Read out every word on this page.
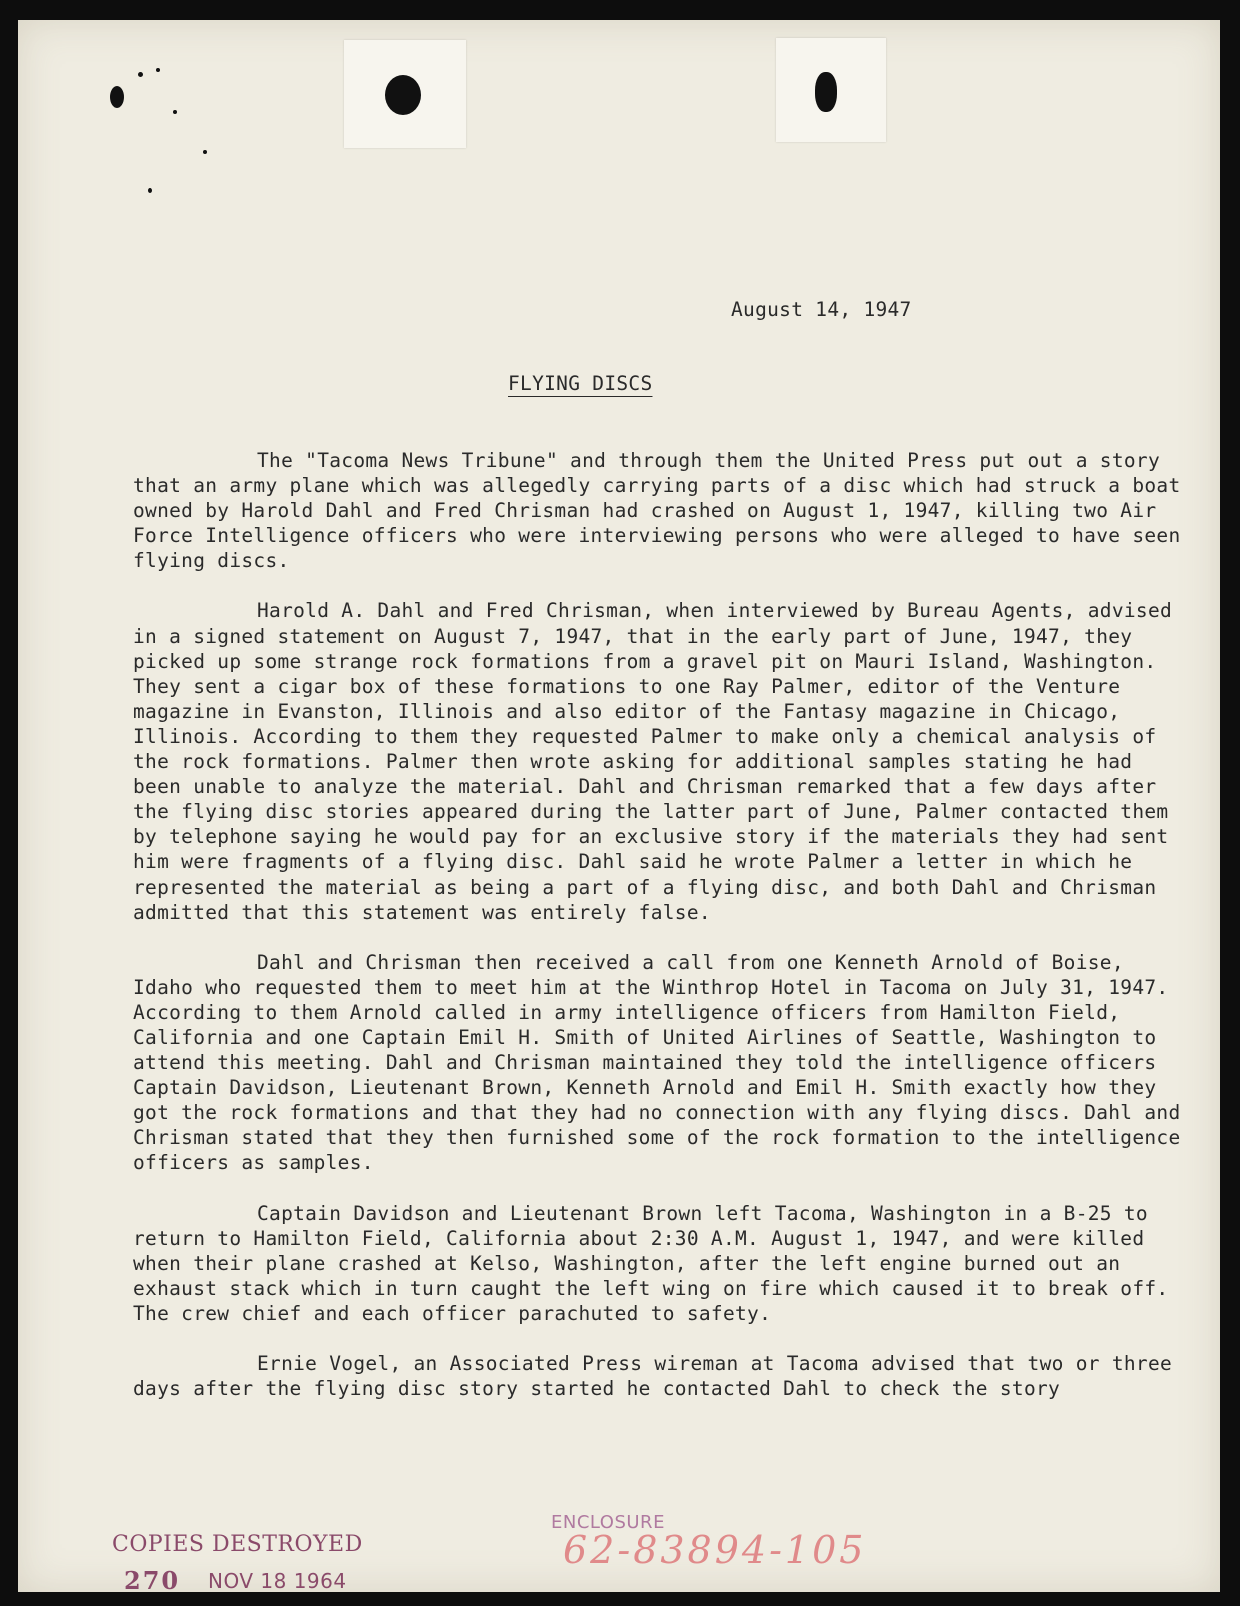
August 14, 1947
FLYING DISCS

The "Tacoma News Tribune" and through them the United Press put out a story that an army plane which was allegedly carrying parts of a disc which had struck a boat owned by Harold Dahl and Fred Chrisman had crashed on August 1, 1947, killing two Air Force Intelligence officers who were interviewing persons who were alleged to have seen flying discs.

Harold A. Dahl and Fred Chrisman, when interviewed by Bureau Agents, advised in a signed statement on August 7, 1947, that in the early part of June, 1947, they picked up some strange rock formations from a gravel pit on Mauri Island, Washington. They sent a cigar box of these formations to one Ray Palmer, editor of the Venture magazine in Evanston, Illinois and also editor of the Fantasy magazine in Chicago, Illinois. According to them they requested Palmer to make only a chemical analysis of the rock formations. Palmer then wrote asking for additional samples stating he had been unable to analyze the material. Dahl and Chrisman remarked that a few days after the flying disc stories appeared during the latter part of June, Palmer contacted them by telephone saying he would pay for an exclusive story if the materials they had sent him were fragments of a flying disc. Dahl said he wrote Palmer a letter in which he represented the material as being a part of a flying disc, and both Dahl and Chrisman admitted that this statement was entirely false.

Dahl and Chrisman then received a call from one Kenneth Arnold of Boise, Idaho who requested them to meet him at the Winthrop Hotel in Tacoma on July 31, 1947. According to them Arnold called in army intelligence officers from Hamilton Field, California and one Captain Emil H. Smith of United Airlines of Seattle, Washington to attend this meeting. Dahl and Chrisman maintained they told the intelligence officers Captain Davidson, Lieutenant Brown, Kenneth Arnold and Emil H. Smith exactly how they got the rock formations and that they had no connection with any flying discs. Dahl and Chrisman stated that they then furnished some of the rock formation to the intelligence officers as samples.

Captain Davidson and Lieutenant Brown left Tacoma, Washington in a B-25 to return to Hamilton Field, California about 2:30 A.M. August 1, 1947, and were killed when their plane crashed at Kelso, Washington, after the left engine burned out an exhaust stack which in turn caught the left wing on fire which caused it to break off. The crew chief and each officer parachuted to safety.

Ernie Vogel, an Associated Press wireman at Tacoma advised that two or three days after the flying disc story started he contacted Dahl to check the story

COPIES DESTROYED
270 NOV 18 1964
ENCLOSURE
62-83894-105
